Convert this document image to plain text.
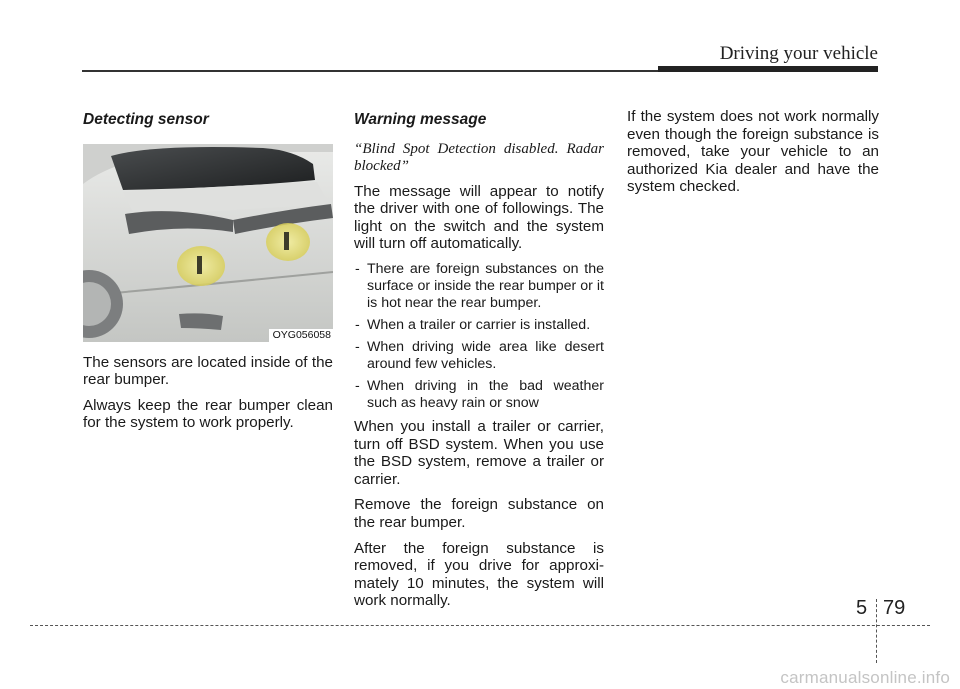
Driving your vehicle
Detecting sensor
OYG056058

The sensors are located inside of the rear bumper.

Always keep the rear bumper clean for the system to work properly.

Warning message

“Blind Spot Detection disabled. Radar blocked”

The message will appear to notify the driver with one of followings. The light on the switch and the system will turn off automatically.

- There are foreign substances on the surface or inside the rear bumper or it is hot near the rear bumper.
- When a trailer or carrier is installed.
- When driving wide area like desert around few vehicles.
- When driving in the bad weather such as heavy rain or snow

When you install a trailer or carrier, turn off BSD system. When you use the BSD system, remove a trailer or carrier.

Remove the foreign substance on the rear bumper.

After the foreign substance is removed, if you drive for approxi-mately 10 minutes, the system will work normally.

If the system does not work normally even though the foreign substance is removed, take your vehicle to an authorized Kia dealer and have the system checked.

5 79
carmanualsonline.info
